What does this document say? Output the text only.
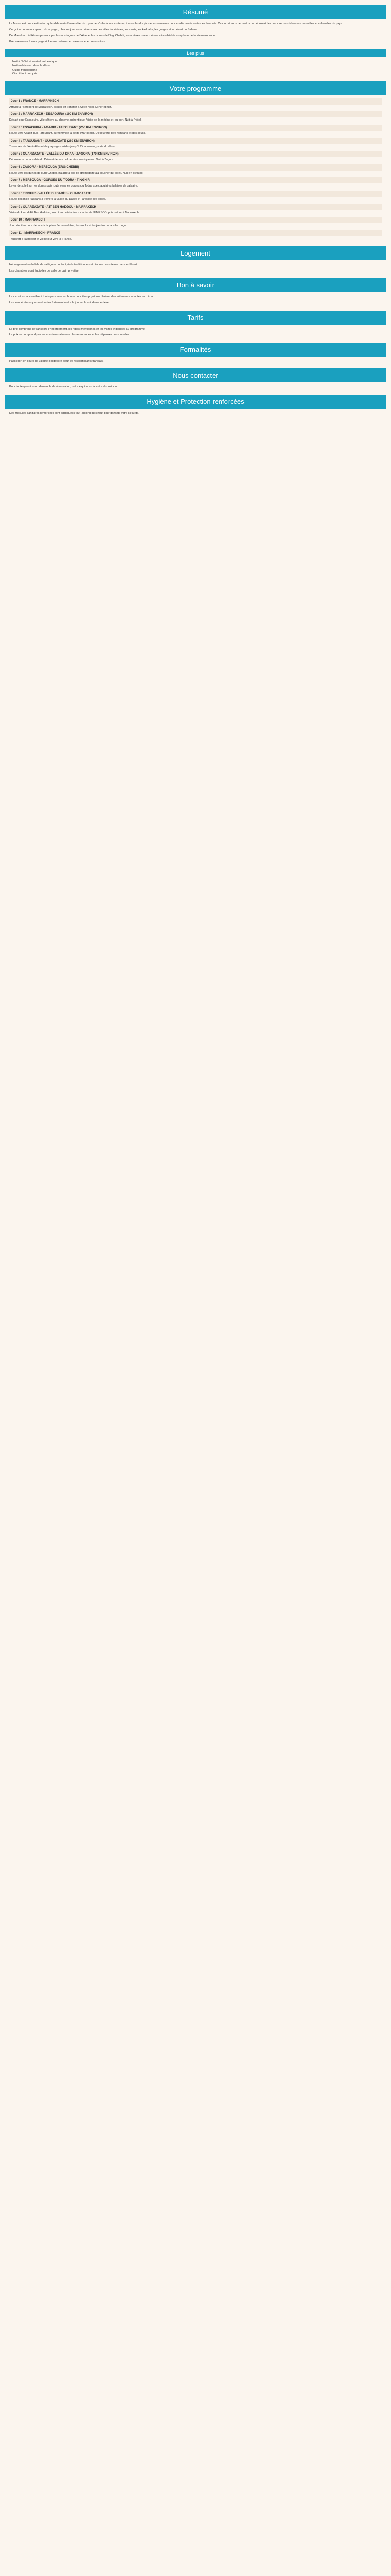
Résumé
Le Maroc est une destination splendide mais l'ensemble du royaume s'offre à ses visiteurs, il vous faudra plusieurs semaines pour en découvrir toutes les beautés. Ce circuit vous permettra de découvrir les nombreuses richesses naturelles et culturelles du pays.
Ce guide donne un aperçu du voyage ; chaque jour vous découvrirez les villes impériales, les oasis, les kasbahs, les gorges et le désert du Sahara.
De Marrakech à Fès en passant par les montagnes de l'Atlas et les dunes de l'Erg Chebbi, vous vivrez une expérience inoubliable au rythme de la vie marocaine.
Préparez-vous à un voyage riche en couleurs, en saveurs et en rencontres.
Les plus
• Nuit à l'hôtel et en riad authentique
• Nuit en bivouac dans le désert
• Guide francophone
• Circuit tout compris
Votre programme
Jour 1 : FRANCE - MARRAKECH
Arrivée à l'aéroport de Marrakech, accueil et transfert à votre hôtel. Dîner et nuit.
Jour 2 : MARRAKECH - ESSAOUIRA (190 KM ENVIRON)
Départ pour Essaouira, ville côtière au charme authentique. Visite de la médina et du port. Nuit à l'hôtel.
Jour 3 : ESSAOUIRA - AGADIR - TAROUDANT (250 KM ENVIRON)
Route vers Agadir puis Taroudant, surnommée la petite Marrakech. Découverte des remparts et des souks.
Jour 4 : TAROUDANT - OUARZAZATE (280 KM ENVIRON)
Traversée de l'Anti-Atlas et de paysages arides jusqu'à Ouarzazate, porte du désert.
Jour 5 : OUARZAZATE - VALLÉE DU DRAA - ZAGORA (170 KM ENVIRON)
Découverte de la vallée du Drâa et de ses palmeraies verdoyantes. Nuit à Zagora.
Jour 6 : ZAGORA - MERZOUGA (ERG CHEBBI)
Route vers les dunes de l'Erg Chebbi. Balade à dos de dromadaire au coucher du soleil. Nuit en bivouac.
Jour 7 : MERZOUGA - GORGES DU TODRA - TINGHIR
Lever de soleil sur les dunes puis route vers les gorges du Todra, spectaculaires falaises de calcaire.
Jour 8 : TINGHIR - VALLÉE DU DADÈS - OUARZAZATE
Route des mille kasbahs à travers la vallée du Dadès et la vallée des roses.
Jour 9 : OUARZAZATE - AÏT BEN HADDOU - MARRAKECH
Visite du ksar d'Aït Ben Haddou, inscrit au patrimoine mondial de l'UNESCO, puis retour à Marrakech.
Jour 10 : MARRAKECH
Journée libre pour découvrir la place Jemaa el-Fna, les souks et les jardins de la ville rouge.
Jour 11 : MARRAKECH - FRANCE
Transfert à l'aéroport et vol retour vers la France.
Logement
Hébergement en hôtels de catégorie confort, riads traditionnels et bivouac sous tente dans le désert.
Les chambres sont équipées de salle de bain privative.
Bon à savoir
Le circuit est accessible à toute personne en bonne condition physique. Prévoir des vêtements adaptés au climat.
Les températures peuvent varier fortement entre le jour et la nuit dans le désert.
Tarifs
Le prix comprend le transport, l'hébergement, les repas mentionnés et les visites indiquées au programme.
Le prix ne comprend pas les vols internationaux, les assurances et les dépenses personnelles.
Formalités
Passeport en cours de validité obligatoire pour les ressortissants français.
Nous contacter
Pour toute question ou demande de réservation, notre équipe est à votre disposition.
Hygiène et Protection renforcées
Des mesures sanitaires renforcées sont appliquées tout au long du circuit pour garantir votre sécurité.
